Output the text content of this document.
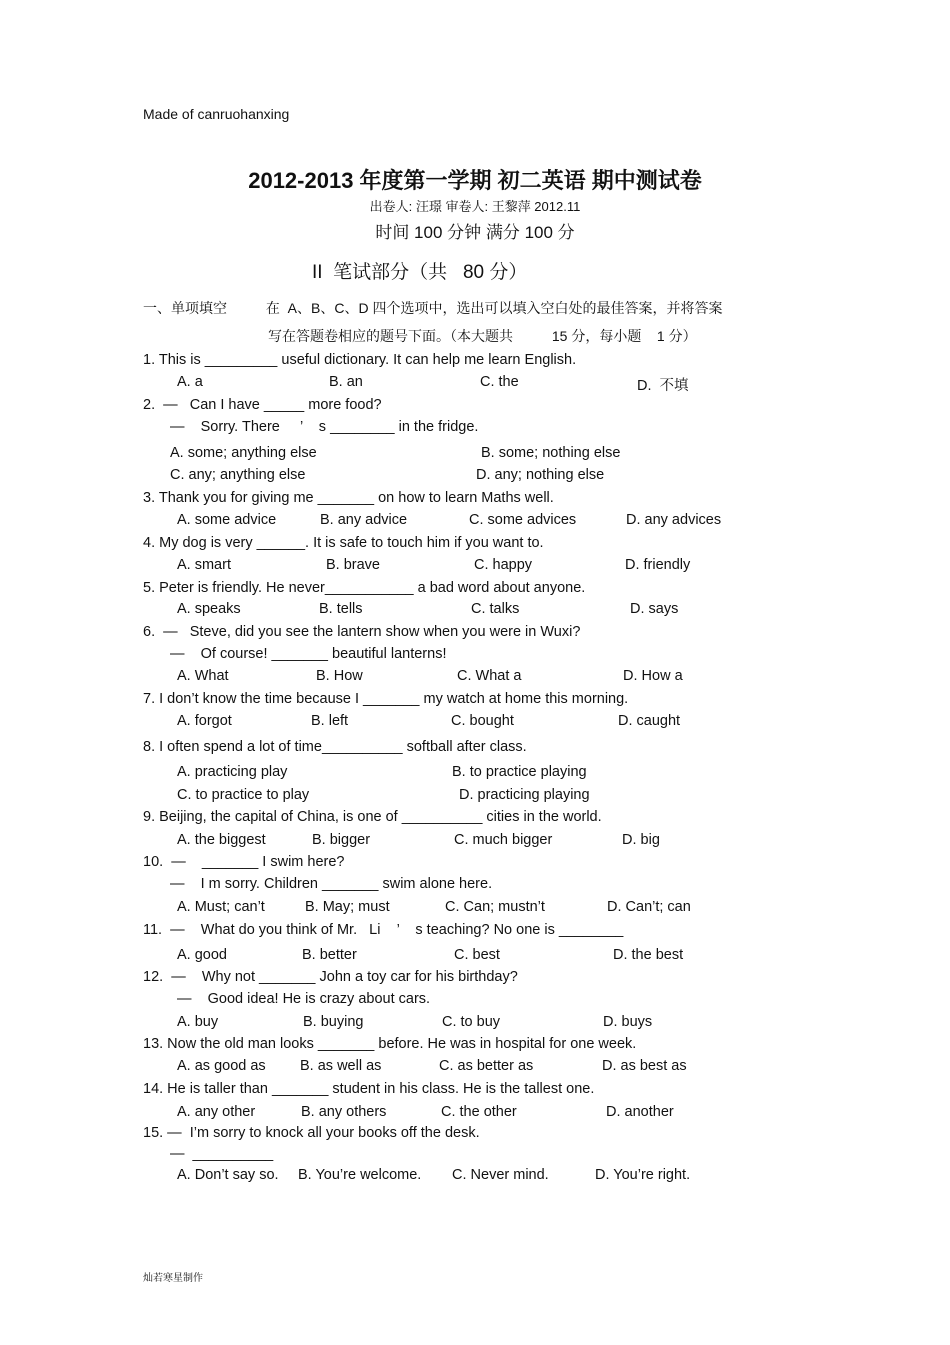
Made of canruohanxing
2012-2013 年度第一学期 初二英语 期中测试卷
出卷人: 汪璟 审卷人: 王黎萍 2012.11
时间 100 分钟 满分 100 分
II  笔试部分（共   80 分）
一、单项填空          在  A、B、C、D 四个选项中，选出可以填入空白处的最佳答案，并将答案
写在答题卷相应的题号下面。（本大题共          15 分，每小题    1 分）
1. This is _________ useful dictionary. It can help me learn English.
A. a	B. an	C. the	D.  不填
2.  —   Can I have _____ more food?
—    Sorry. There     ’    s ________ in the fridge.
A. some; anything else	B. some; nothing else
C. any; anything else	D. any; nothing else
3. Thank you for giving me _______ on how to learn Maths well.
A. some advice	B. any advice	C. some advices	D. any advices
4. My dog is very ______. It is safe to touch him if you want to.
A. smart	B. brave	C. happy	D. friendly
5. Peter is friendly. He never___________ a bad word about anyone.
A. speaks	B. tells	C. talks	D. says
6.  —   Steve, did you see the lantern show when you were in Wuxi?
—    Of course! _______ beautiful lanterns!
A. What	B. How	C. What a	D. How a
7. I don’t know the time because I _______ my watch at home this morning.
A. forgot	B. left	C. bought	D. caught
8. I often spend a lot of time__________ softball after class.
A. practicing play	B. to practice playing
C. to practice to play	D. practicing playing
9. Beijing, the capital of China, is one of __________ cities in the world.
A. the biggest	B. bigger	C. much bigger	D. big
10.  —    _______ I swim here?
—    I m sorry. Children _______ swim alone here.
A. Must; can’t	B. May; must	C. Can; mustn’t	D. Can’t; can
11.  —    What do you think of Mr.   Li    ’    s teaching? No one is ________
A. good	B. better	C. best	D. the best
12.  —    Why not _______ John a toy car for his birthday?
—    Good idea! He is crazy about cars.
A. buy	B. buying	C. to buy	D. buys
13. Now the old man looks _______ before. He was in hospital for one week.
A. as good as B. as well as	C. as better as	D. as best as
14. He is taller than _______ student in his class. He is the tallest one.
A. any other	B. any others	C. the other	D. another
15. —  I’m sorry to knock all your books off the desk.
—  __________
A. Don’t say so. B. You’re welcome. C. Never mind.	D. You’re right.
灿若寒星制作
